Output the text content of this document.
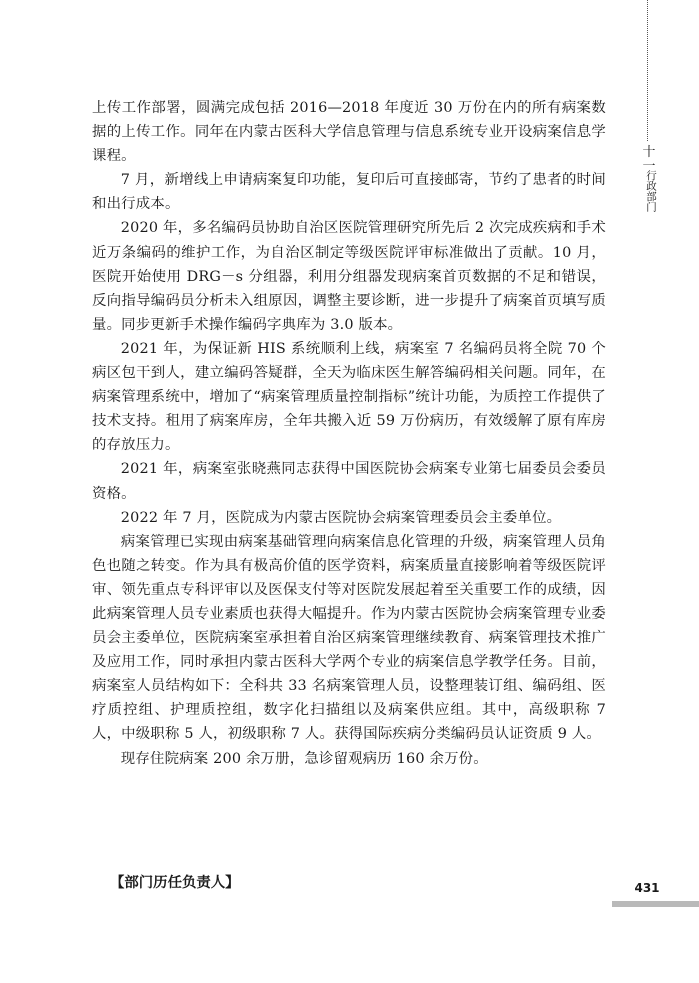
十一
行政部门

上传工作部署，圆满完成包括 2016—2018 年度近 30 万份在内的所有病案数据的上传工作。同年在内蒙古医科大学信息管理与信息系统专业开设病案信息学课程。

7 月，新增线上申请病案复印功能，复印后可直接邮寄，节约了患者的时间和出行成本。

2020 年，多名编码员协助自治区医院管理研究所先后 2 次完成疾病和手术近万条编码的维护工作，为自治区制定等级医院评审标准做出了贡献。10 月，医院开始使用 DRG－s 分组器，利用分组器发现病案首页数据的不足和错误，反向指导编码员分析未入组原因，调整主要诊断，进一步提升了病案首页填写质量。同步更新手术操作编码字典库为 3.0 版本。

2021 年，为保证新 HIS 系统顺利上线，病案室 7 名编码员将全院 70 个病区包干到人，建立编码答疑群，全天为临床医生解答编码相关问题。同年，在病案管理系统中，增加了“病案管理质量控制指标”统计功能，为质控工作提供了技术支持。租用了病案库房，全年共搬入近 59 万份病历，有效缓解了原有库房的存放压力。

2021 年，病案室张晓燕同志获得中国医院协会病案专业第七届委员会委员资格。

2022 年 7 月，医院成为内蒙古医院协会病案管理委员会主委单位。

病案管理已实现由病案基础管理向病案信息化管理的升级，病案管理人员角色也随之转变。作为具有极高价值的医学资料，病案质量直接影响着等级医院评审、领先重点专科评审以及医保支付等对医院发展起着至关重要工作的成绩，因此病案管理人员专业素质也获得大幅提升。作为内蒙古医院协会病案管理专业委员会主委单位，医院病案室承担着自治区病案管理继续教育、病案管理技术推广及应用工作，同时承担内蒙古医科大学两个专业的病案信息学教学任务。目前，病案室人员结构如下：全科共 33 名病案管理人员，设整理装订组、编码组、医疗质控组、护理质控组，数字化扫描组以及病案供应组。其中，高级职称 7 人，中级职称 5 人，初级职称 7 人。获得国际疾病分类编码员认证资质 9 人。

现存住院病案 200 余万册，急诊留观病历 160 余万份。

【部门历任负责人】	431
